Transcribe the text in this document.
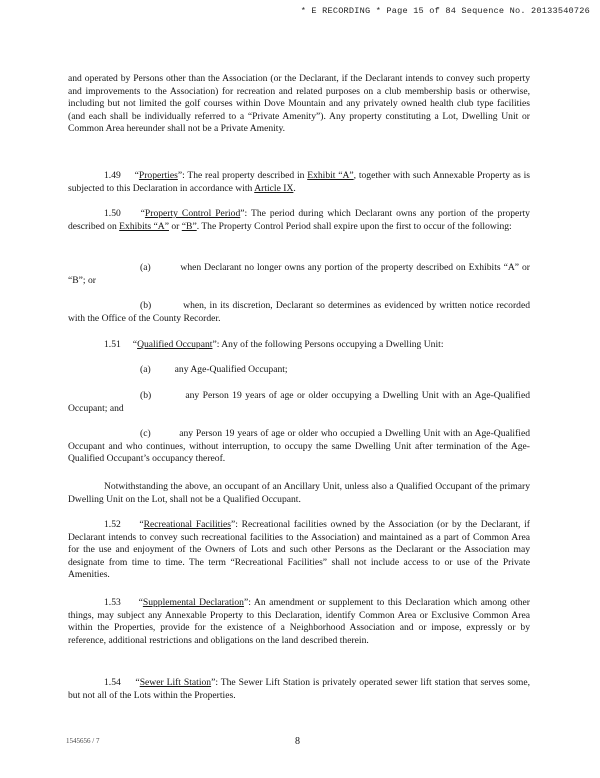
* E RECORDING * Page 15 of 84 Sequence No. 20133540726

and operated by Persons other than the Association (or the Declarant, if the Declarant intends to convey such property and improvements to the Association) for recreation and related purposes on a club membership basis or otherwise, including but not limited the golf courses within Dove Mountain and any privately owned health club type facilities (and each shall be individually referred to a “Private Amenity”). Any property constituting a Lot, Dwelling Unit or Common Area hereunder shall not be a Private Amenity.

1.49     “Properties”: The real property described in Exhibit “A”, together with such Annexable Property as is subjected to this Declaration in accordance with Article IX.

1.50     “Property Control Period”: The period during which Declarant owns any portion of the property described on Exhibits “A” or “B”. The Property Control Period shall expire upon the first to occur of the following:

(a)	when Declarant no longer owns any portion of the property described on Exhibits “A” or “B”; or

(b)	when, in its discretion, Declarant so determines as evidenced by written notice recorded with the Office of the County Recorder.

1.51     “Qualified Occupant”: Any of the following Persons occupying a Dwelling Unit:

(a) any Age-Qualified Occupant;

(b)	any Person 19 years of age or older occupying a Dwelling Unit with an Age-Qualified Occupant; and

(c)	any Person 19 years of age or older who occupied a Dwelling Unit with an Age-Qualified Occupant and who continues, without interruption, to occupy the same Dwelling Unit after termination of the Age-Qualified Occupant’s occupancy thereof.

Notwithstanding the above, an occupant of an Ancillary Unit, unless also a Qualified Occupant of the primary Dwelling Unit on the Lot, shall not be a Qualified Occupant.

1.52     “Recreational Facilities”: Recreational facilities owned by the Association (or by the Declarant, if Declarant intends to convey such recreational facilities to the Association) and maintained as a part of Common Area for the use and enjoyment of the Owners of Lots and such other Persons as the Declarant or the Association may designate from time to time. The term “Recreational Facilities” shall not include access to or use of the Private Amenities.

1.53     “Supplemental Declaration”: An amendment or supplement to this Declaration which among other things, may subject any Annexable Property to this Declaration, identify Common Area or Exclusive Common Area within the Properties, provide for the existence of a Neighborhood Association and or impose, expressly or by reference, additional restrictions and obligations on the land described therein.

1.54     “Sewer Lift Station”: The Sewer Lift Station is privately operated sewer lift station that serves some, but not all of the Lots within the Properties.

1545656 / 7	8
